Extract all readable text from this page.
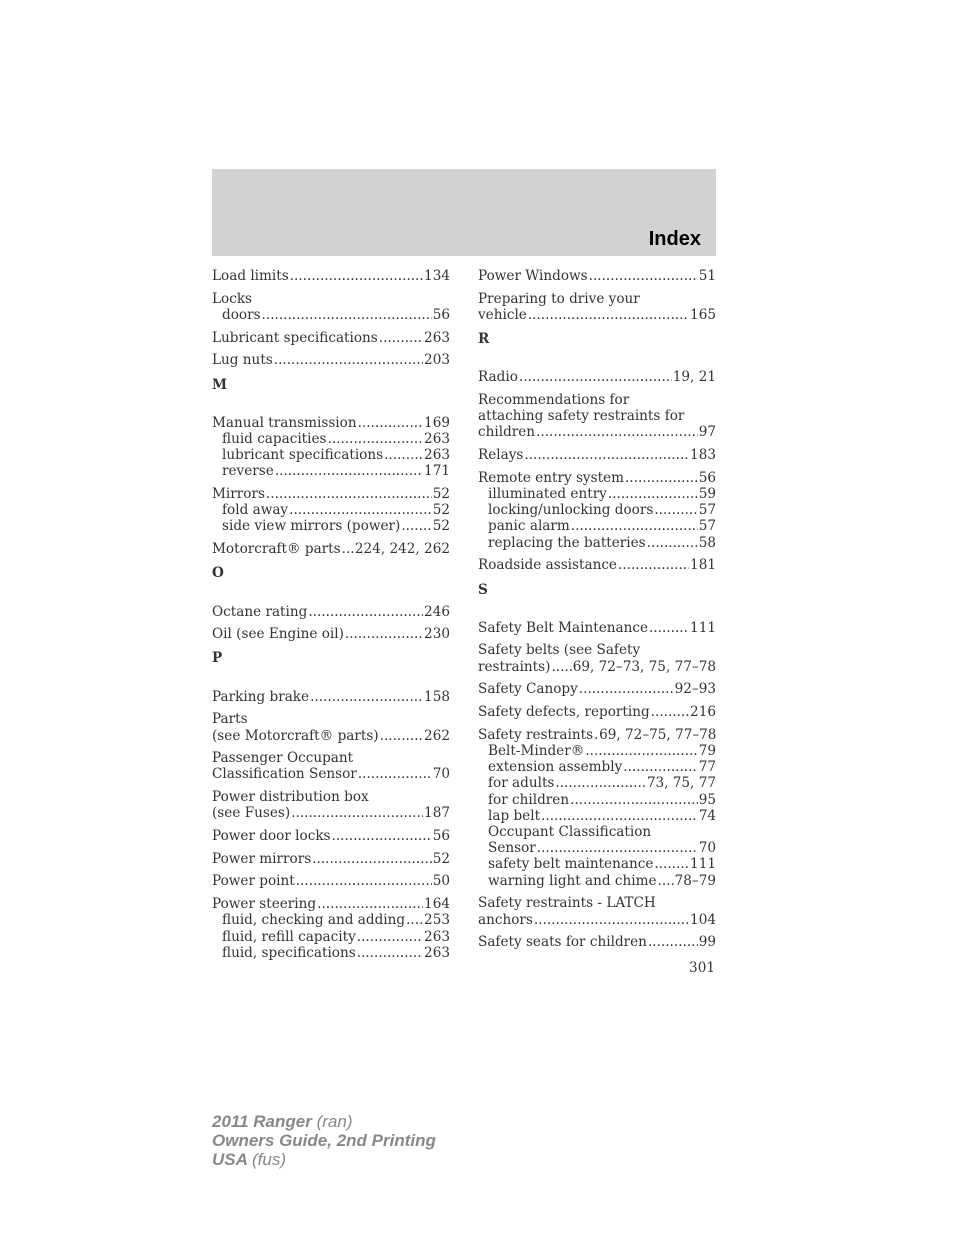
Index
Load limits .....	134
Locks
doors .....	56
Lubricant specifications .....	263
Lug nuts .....	203
M
Manual transmission .....	169
fluid capacities .....	263
lubricant specifications .....	263
reverse .....	171
Mirrors .....	52
fold away .....	52
side view mirrors (power) ..... 52
Motorcraft® parts ..... 224, 242, 262
O
Octane rating .....	246
Oil (see Engine oil) .....	230
P
Parking brake .....	158
Parts
(see Motorcraft® parts) .....	262
Passenger Occupant
Classification Sensor .....	70
Power distribution box
(see Fuses) .....	187
Power door locks .....	56
Power mirrors .....	52
Power point .....	50
Power steering .....	164
fluid, checking and adding ..... 253
fluid, refill capacity .....	263
fluid, specifications .....	263
Power Windows .....	51
Preparing to drive your
vehicle .....	165
R
Radio .....	19, 21
Recommendations for
attaching safety restraints for
children .....	97
Relays .....	183
Remote entry system .....	56
illuminated entry .....	59
locking/unlocking doors .....	57
panic alarm .....	57
replacing the batteries .....	58
Roadside assistance .....	181
S
Safety Belt Maintenance .....	111
Safety belts (see Safety
restraints) ..... 69, 72–73, 75, 77–78
Safety Canopy .....	92–93
Safety defects, reporting .....	216
Safety restraints ..... 69, 72–75, 77–78
Belt-Minder® .....	79
extension assembly .....	77
for adults .....	73, 75, 77
for children .....	95
lap belt .....	74
Occupant Classification
Sensor .....	70
safety belt maintenance .....	111
warning light and chime ..... 78–79
Safety restraints - LATCH
anchors .....	104
Safety seats for children .....	99
301
2011 Ranger (ran)
Owners Guide, 2nd Printing
USA (fus)
